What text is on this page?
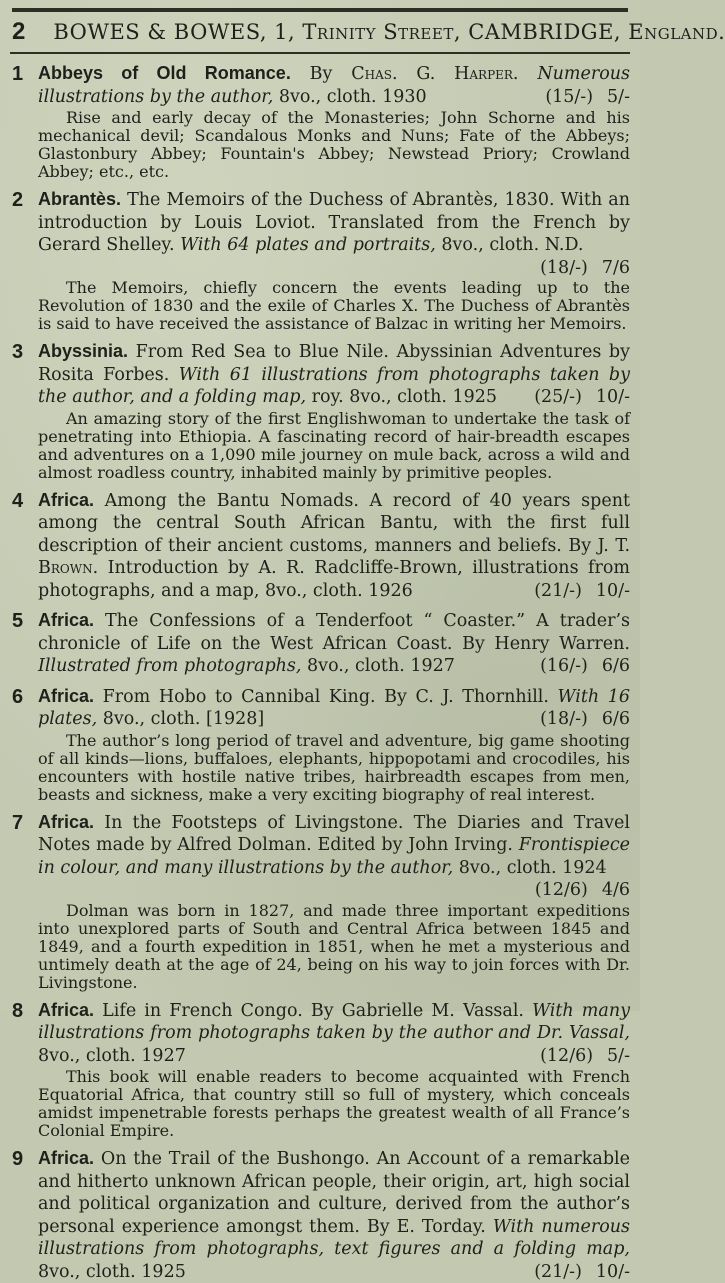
2 BOWES & BOWES, 1, Trinity Street, CAMBRIDGE, England.
1 Abbeys of Old Romance. By Chas. G. Harper. Numerous illustrations by the author, 8vo., cloth. 1930	(15/-) 5/-
Rise and early decay of the Monasteries; John Schorne and his mechanical devil; Scandalous Monks and Nuns; Fate of the Abbeys; Glastonbury Abbey; Fountain's Abbey; Newstead Priory; Crowland Abbey; etc., etc.
2 Abrantès. The Memoirs of the Duchess of Abrantès, 1830. With an introduction by Louis Loviot. Translated from the French by Gerard Shelley. With 64 plates and portraits, 8vo., cloth. N.D.
(18/-) 7/6
The Memoirs, chiefly concern the events leading up to the Revolution of 1830 and the exile of Charles X. The Duchess of Abrantès is said to have received the assistance of Balzac in writing her Memoirs.
3 Abyssinia. From Red Sea to Blue Nile. Abyssinian Adventures by Rosita Forbes. With 61 illustrations from photographs taken by the author, and a folding map, roy. 8vo., cloth. 1925 (25/-) 10/-
An amazing story of the first Englishwoman to undertake the task of penetrating into Ethiopia. A fascinating record of hair-breadth escapes and adventures on a 1,090 mile journey on mule back, across a wild and almost roadless country, inhabited mainly by primitive peoples.
4 Africa. Among the Bantu Nomads. A record of 40 years spent among the central South African Bantu, with the first full description of their ancient customs, manners and beliefs. By J. T. Brown. Introduction by A. R. Radcliffe-Brown, illustrations from photographs, and a map, 8vo., cloth. 1926	(21/-) 10/-
5 Africa. The Confessions of a Tenderfoot “ Coaster.” A trader’s chronicle of Life on the West African Coast. By Henry Warren. Illustrated from photographs, 8vo., cloth. 1927	(16/-) 6/6
6 Africa. From Hobo to Cannibal King. By C. J. Thornhill. With 16 plates, 8vo., cloth. [1928]	(18/-) 6/6
The author’s long period of travel and adventure, big game shooting of all kinds—lions, buffaloes, elephants, hippopotami and crocodiles, his encounters with hostile native tribes, hairbreadth escapes from men, beasts and sickness, make a very exciting biography of real interest.
7 Africa. In the Footsteps of Livingstone. The Diaries and Travel Notes made by Alfred Dolman. Edited by John Irving. Frontispiece in colour, and many illustrations by the author, 8vo., cloth. 1924
(12/6) 4/6
Dolman was born in 1827, and made three important expeditions into unexplored parts of South and Central Africa between 1845 and 1849, and a fourth expedition in 1851, when he met a mysterious and untimely death at the age of 24, being on his way to join forces with Dr. Livingstone.
8 Africa. Life in French Congo. By Gabrielle M. Vassal. With many illustrations from photographs taken by the author and Dr. Vassal, 8vo., cloth. 1927	(12/6) 5/-
This book will enable readers to become acquainted with French Equatorial Africa, that country still so full of mystery, which conceals amidst impenetrable forests perhaps the greatest wealth of all France’s Colonial Empire.
9 Africa. On the Trail of the Bushongo. An Account of a remarkable and hitherto unknown African people, their origin, art, high social and political organization and culture, derived from the author’s personal experience amongst them. By E. Torday. With numerous illustrations from photographs, text figures and a folding map, 8vo., cloth. 1925	(21/-) 10/-
